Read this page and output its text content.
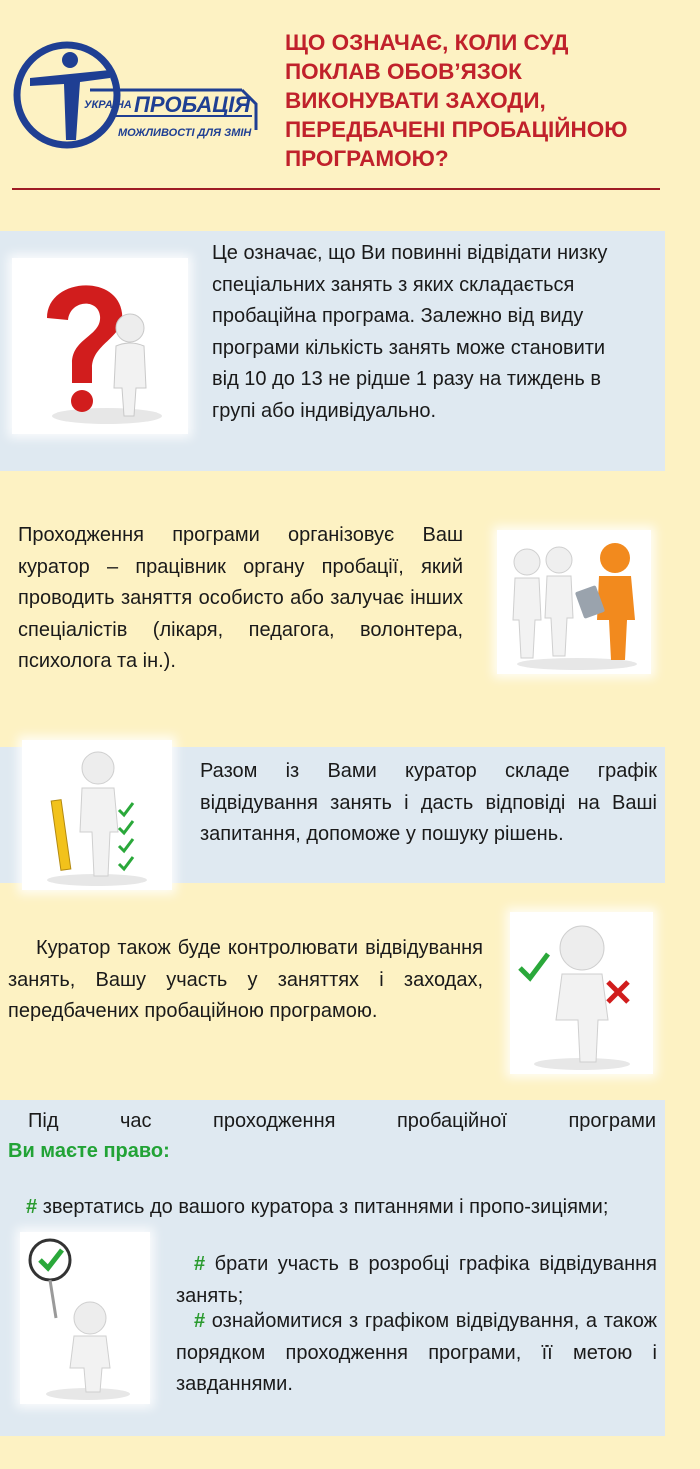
УКРАЇНА ПРОБАЦІЯ
МОЖЛИВОСТІ ДЛЯ ЗМІН
ЩО ОЗНАЧАЄ, КОЛИ СУД
ПОКЛАВ ОБОВ’ЯЗОК
ВИКОНУВАТИ ЗАХОДИ,
ПЕРЕДБАЧЕНІ ПРОБАЦІЙНОЮ
ПРОГРАМОЮ?
Це означає, що Ви повинні відвідати низку спеціальних занять з яких складається пробаційна програма. Залежно від виду програми кількість занять може становити від 10 до 13 не рідше 1 разу на тиждень в групі або індивідуально.
Проходження програми організовує Ваш куратор – працівник органу пробації, який проводить заняття особисто або залучає інших спеціалістів (лікаря, педагога, волонтера, психолога та ін.).
Разом із Вами куратор складе графік відвідування занять і дасть відповіді на Ваші запитання, допоможе у пошуку рішень.
Куратор також буде контролювати відвідування занять, Вашу участь у заняттях і заходах, передбачених пробаційною програмою.
Під час проходження пробаційної програми
Ви маєте право:
# звертатись до вашого куратора з питаннями і пропо-зиціями;
# брати участь в розробці графіка відвідування занять;
# ознайомитися з графіком відвідування, а також порядком проходження програми, її метою і завданнями.
